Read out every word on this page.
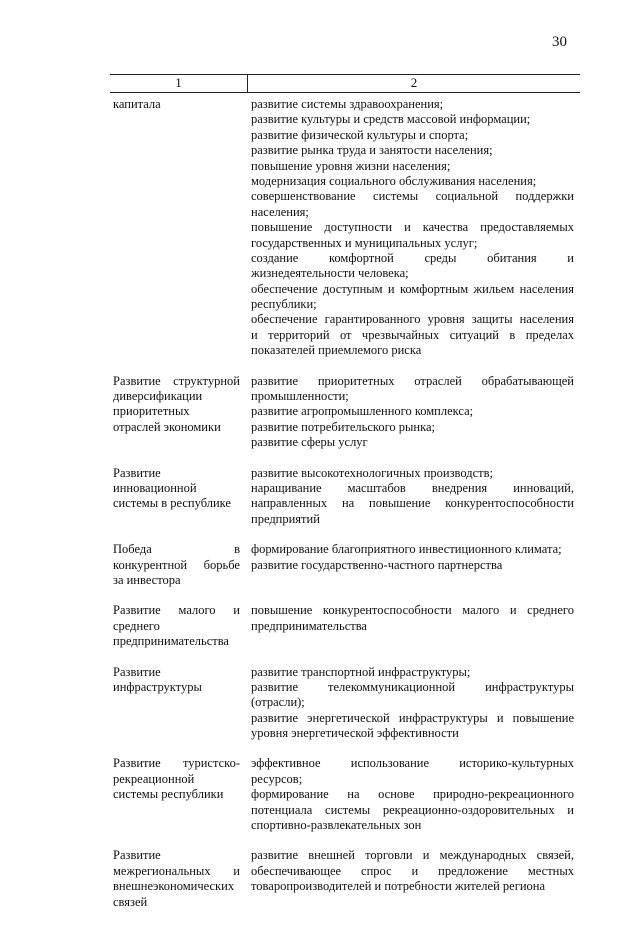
30
1	2
капитала	развитие системы здравоохранения;
развитие культуры и средств массовой информации;
развитие физической культуры и спорта;
развитие рынка труда и занятости населения;
повышение уровня жизни населения;
модернизация социального обслуживания населения;
совершенствование системы социальной поддержки
населения;
повышение доступности и качества предоставляемых
государственных и муниципальных услуг;
создание комфортной среды обитания и
жизнедеятельности человека;
обеспечение доступным и комфортным жильем населения
республики;
обеспечение гарантированного уровня защиты населения
и территорий от чрезвычайных ситуаций в пределах
показателей приемлемого риска
Развитие структурной
диверсификации
приоритетных
отраслей экономики
развитие приоритетных отраслей обрабатывающей
промышленности;
развитие агропромышленного комплекса;
развитие потребительского рынка;
развитие сферы услуг
Развитие
инновационной
системы в республике
развитие высокотехнологичных производств;
наращивание масштабов внедрения инноваций,
направленных на повышение конкурентоспособности
предприятий
Победа в
конкурентной борьбе
за инвестора
формирование благоприятного инвестиционного климата;
развитие государственно-частного партнерства
Развитие малого и
среднего
предпринимательства
повышение конкурентоспособности малого и среднего
предпринимательства
Развитие
инфраструктуры
развитие транспортной инфраструктуры;
развитие телекоммуникационной инфраструктуры
(отрасли);
развитие энергетической инфраструктуры и повышение
уровня энергетической эффективности
Развитие туристско-
рекреационной
системы республики
эффективное использование историко-культурных
ресурсов;
формирование на основе природно-рекреационного
потенциала системы рекреационно-оздоровительных и
спортивно-развлекательных зон
Развитие
межрегиональных и
внешнеэкономических
связей
развитие внешней торговли и международных связей,
обеспечивающее спрос и предложение местных
товаропроизводителей и потребности жителей региона
